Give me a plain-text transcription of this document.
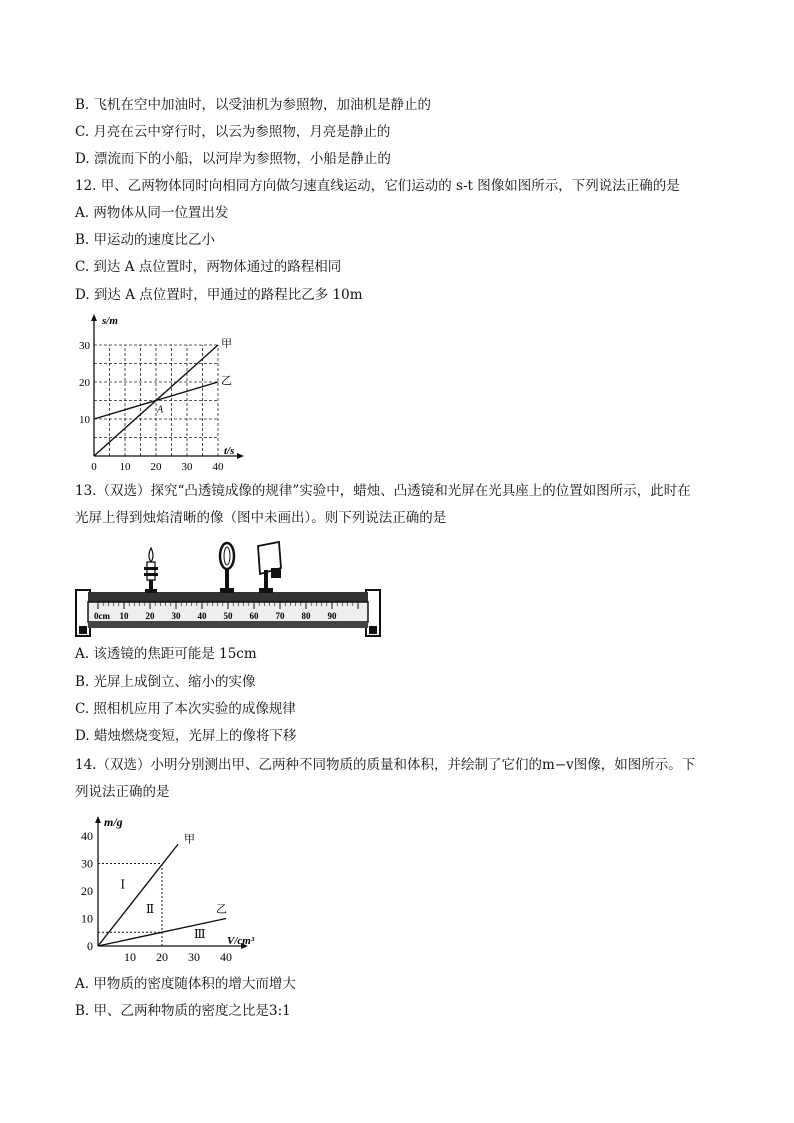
B. 飞机在空中加油时，以受油机为参照物，加油机是静止的
C. 月亮在云中穿行时，以云为参照物，月亮是静止的
D. 漂流而下的小船，以河岸为参照物，小船是静止的
12. 甲、乙两物体同时向相同方向做匀速直线运动，它们运动的 s-t 图像如图所示，下列说法正确的是
A. 两物体从同一位置出发
B. 甲运动的速度比乙小
C. 到达 A 点位置时，两物体通过的路程相同
D. 到达 A 点位置时，甲通过的路程比乙多 10m
0 10 20 30 40
10
20
30
s/m
t/s
甲
乙
A
13.（双选）探究“凸透镜成像的规律”实验中，蜡烛、凸透镜和光屏在光具座上的位置如图所示，此时在
光屏上得到烛焰清晰的像（图中未画出）。则下列说法正确的是
0cm 10 20 30 40 50 60 70 80 90
A. 该透镜的焦距可能是 15cm
B. 光屏上成倒立、缩小的实像
C. 照相机应用了本次实验的成像规律
D. 蜡烛燃烧变短，光屏上的像将下移
14.（双选）小明分别测出甲、乙两种不同物质的质量和体积，并绘制了它们的m−v图像，如图所示。下
列说法正确的是
10 20 30 40
0
10
20
30
40
m/g
V/cm³
甲
乙
Ⅰ
Ⅱ
Ⅲ
A. 甲物质的密度随体积的增大而增大
B. 甲、乙两种物质的密度之比是3:1
